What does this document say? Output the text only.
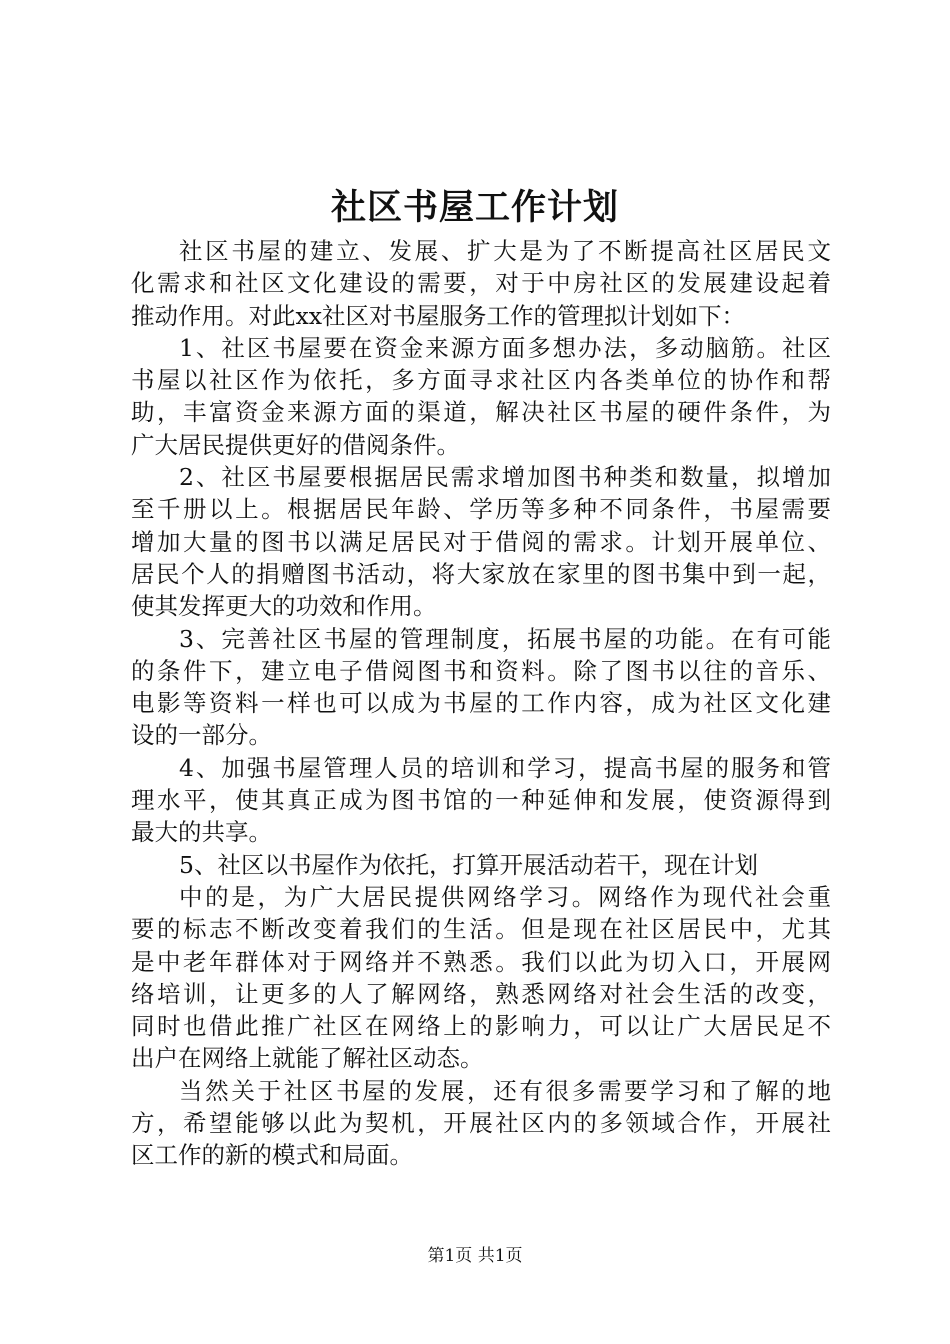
社区书屋工作计划
社区书屋的建立、发展、扩大是为了不断提高社区居民文
化需求和社区文化建设的需要，对于中房社区的发展建设起着
推动作用。对此xx社区对书屋服务工作的管理拟计划如下：
1、社区书屋要在资金来源方面多想办法，多动脑筋。社区
书屋以社区作为依托，多方面寻求社区内各类单位的协作和帮
助，丰富资金来源方面的渠道，解决社区书屋的硬件条件，为
广大居民提供更好的借阅条件。
2、社区书屋要根据居民需求增加图书种类和数量，拟增加
至千册以上。根据居民年龄、学历等多种不同条件，书屋需要
增加大量的图书以满足居民对于借阅的需求。计划开展单位、
居民个人的捐赠图书活动，将大家放在家里的图书集中到一起，
使其发挥更大的功效和作用。
3、完善社区书屋的管理制度，拓展书屋的功能。在有可能
的条件下，建立电子借阅图书和资料。除了图书以往的音乐、
电影等资料一样也可以成为书屋的工作内容，成为社区文化建
设的一部分。
4、加强书屋管理人员的培训和学习，提高书屋的服务和管
理水平，使其真正成为图书馆的一种延伸和发展，使资源得到
最大的共享。
5、社区以书屋作为依托，打算开展活动若干，现在计划
中的是，为广大居民提供网络学习。网络作为现代社会重
要的标志不断改变着我们的生活。但是现在社区居民中，尤其
是中老年群体对于网络并不熟悉。我们以此为切入口，开展网
络培训，让更多的人了解网络，熟悉网络对社会生活的改变，
同时也借此推广社区在网络上的影响力，可以让广大居民足不
出户在网络上就能了解社区动态。
当然关于社区书屋的发展，还有很多需要学习和了解的地
方，希望能够以此为契机，开展社区内的多领域合作，开展社
区工作的新的模式和局面。
第1页 共1页
